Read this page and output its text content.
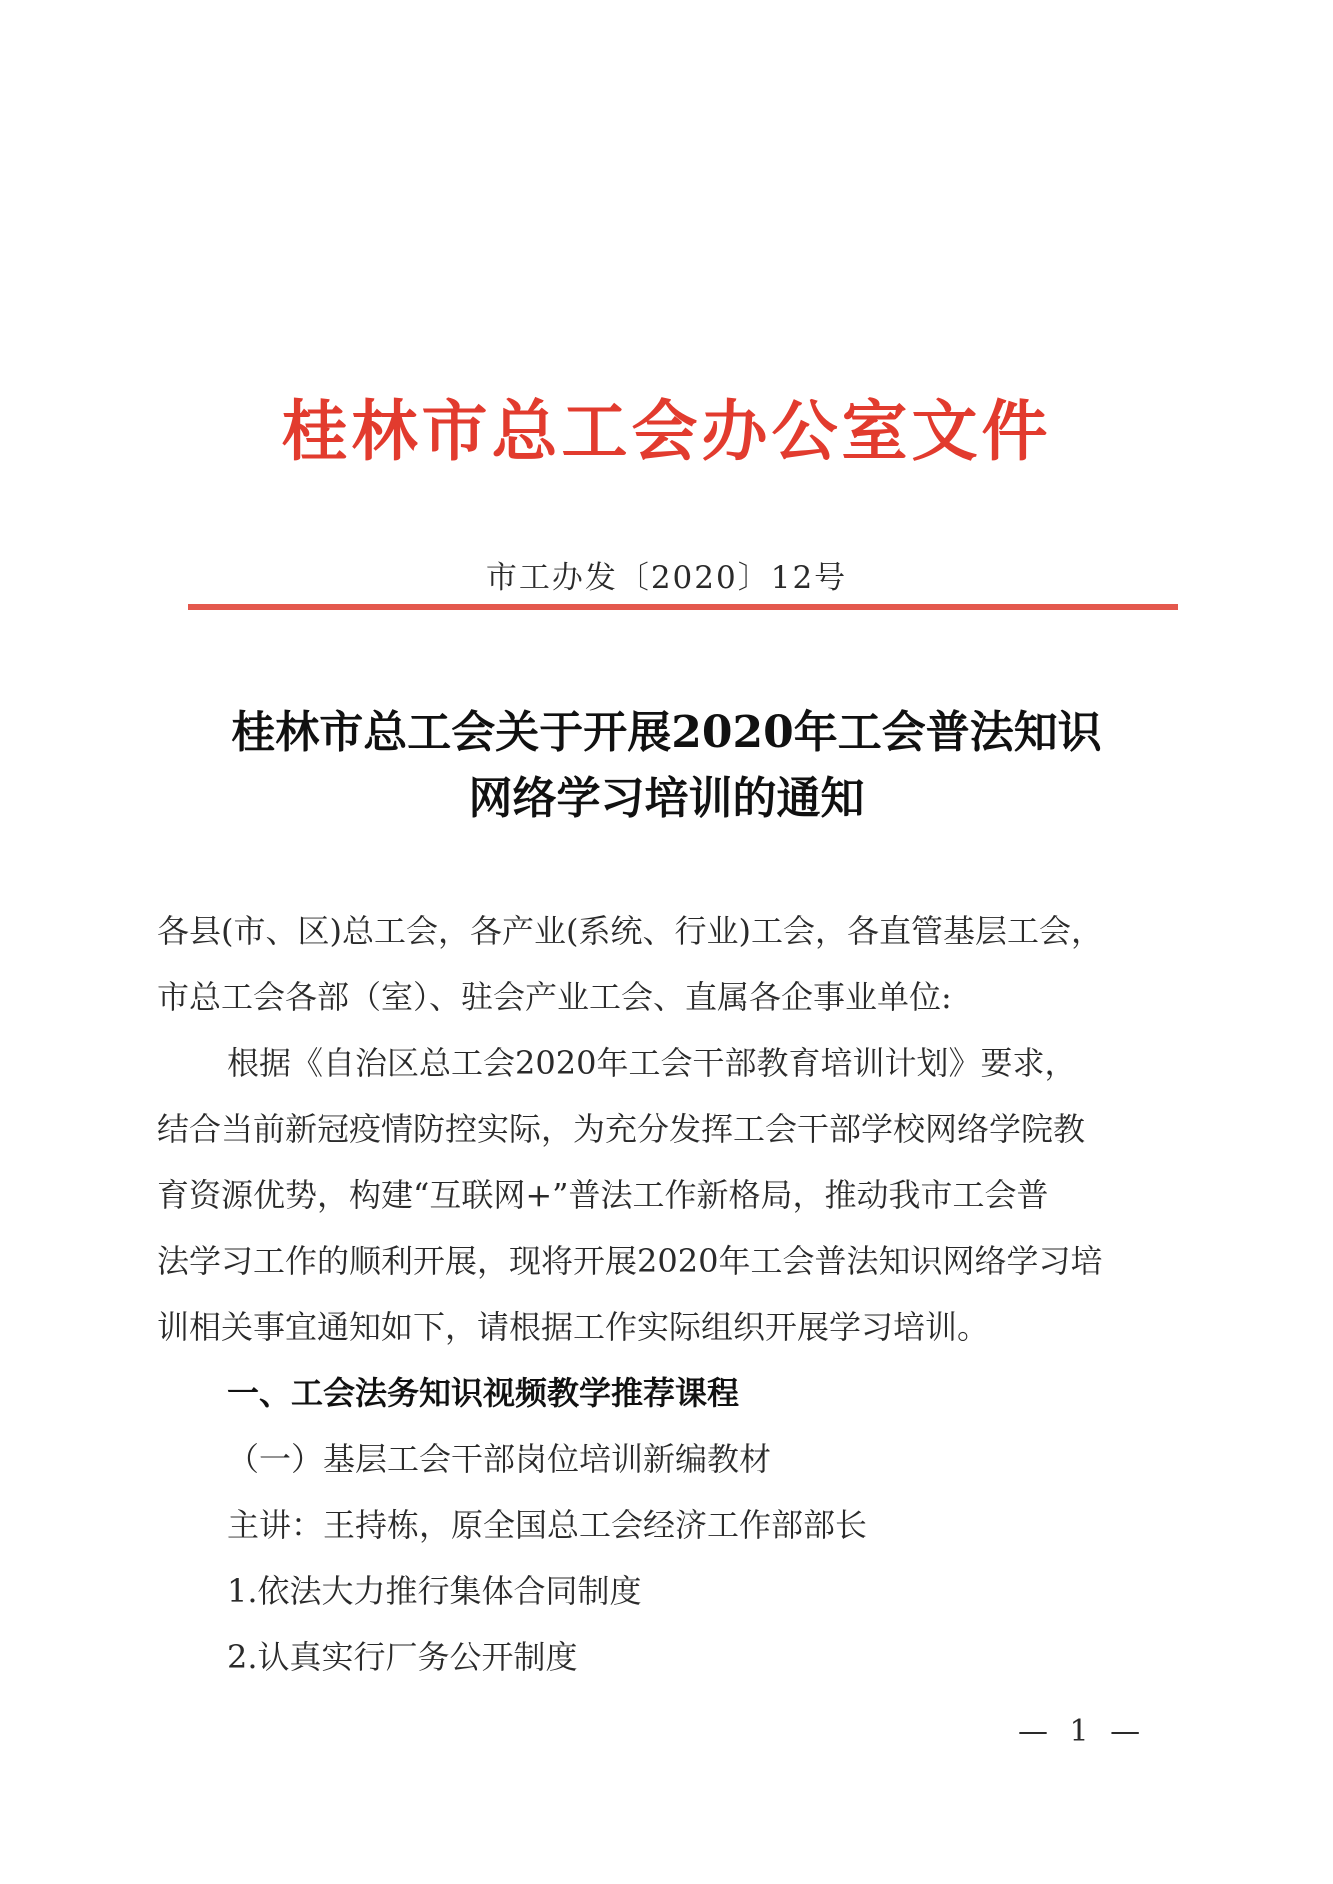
桂林市总工会办公室文件
市工办发〔2020〕12号
桂林市总工会关于开展2020年工会普法知识
网络学习培训的通知
各县(市、区)总工会，各产业(系统、行业)工会，各直管基层工会，
市总工会各部（室）、驻会产业工会、直属各企事业单位:
根据《自治区总工会2020年工会干部教育培训计划》要求，
结合当前新冠疫情防控实际，为充分发挥工会干部学校网络学院教
育资源优势，构建“互联网+”普法工作新格局，推动我市工会普
法学习工作的顺利开展，现将开展2020年工会普法知识网络学习培
训相关事宜通知如下，请根据工作实际组织开展学习培训。
一、工会法务知识视频教学推荐课程
（一）基层工会干部岗位培训新编教材
主讲：王持栋，原全国总工会经济工作部部长
1.依法大力推行集体合同制度
2.认真实行厂务公开制度
— 1 —
